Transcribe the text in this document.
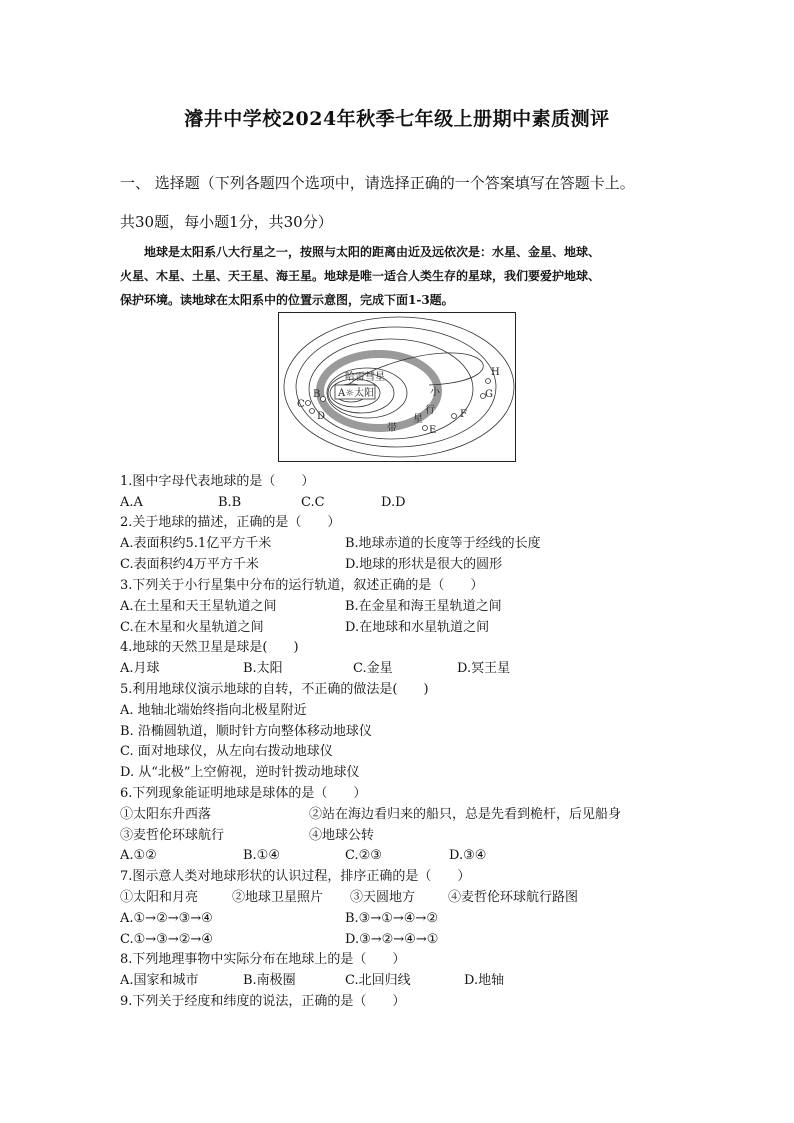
濬井中学校2024年秋季七年级上册期中素质测评
一、 选择题（下列各题四个选项中，请选择正确的一个答案填写在答题卡上。
共30题，每小题1分，共30分）
地球是太阳系八大行星之一，按照与太阳的距离由近及远依次是：水星、金星、地球、
火星、木星、土星、天王星、海王星。地球是唯一适合人类生存的星球，我们要爱护地球、
保护环境。读地球在太阳系中的位置示意图，完成下面1-3题。
A☼太阳
哈雷彗星
小
行
星
带
B
C
D
E
F
G
H
1.图中字母代表地球的是（　　）
A.A	B.B	C.C	D.D
2.关于地球的描述，正确的是（　　）
A.表面积约5.1亿平方千米	B.地球赤道的长度等于经线的长度
C.表面积约4万平方千米	D.地球的形状是很大的圆形
3.下列关于小行星集中分布的运行轨道，叙述正确的是（　　）
A.在土星和天王星轨道之间	B.在金星和海王星轨道之间
C.在木星和火星轨道之间	D.在地球和水星轨道之间
4.地球的天然卫星是球是(　　)
A.月球	B.太阳	C.金星	D.冥王星
5.利用地球仪演示地球的自转，不正确的做法是(　　)
A. 地轴北端始终指向北极星附近
B. 沿椭圆轨道，顺时针方向整体移动地球仪
C. 面对地球仪，从左向右拨动地球仪
D. 从“北极”上空俯视，逆时针拨动地球仪
6.下列现象能证明地球是球体的是（　　）
①太阳东升西落	②站在海边看归来的船只，总是先看到桅杆，后见船身
③麦哲伦环球航行	④地球公转
A.①②	B.①④	C.②③	D.③④
7.图示意人类对地球形状的认识过程，排序正确的是（　　）
①太阳和月亮	②地球卫星照片 ③天圆地方	④麦哲伦环球航行路图
A.①→②→③→④	B.③→①→④→②
C.①→③→②→④	D.③→②→④→①
8.下列地理事物中实际分布在地球上的是（　　）
A.国家和城市	B.南极圈	C.北回归线	D.地轴
9.下列关于经度和纬度的说法，正确的是（　　）
